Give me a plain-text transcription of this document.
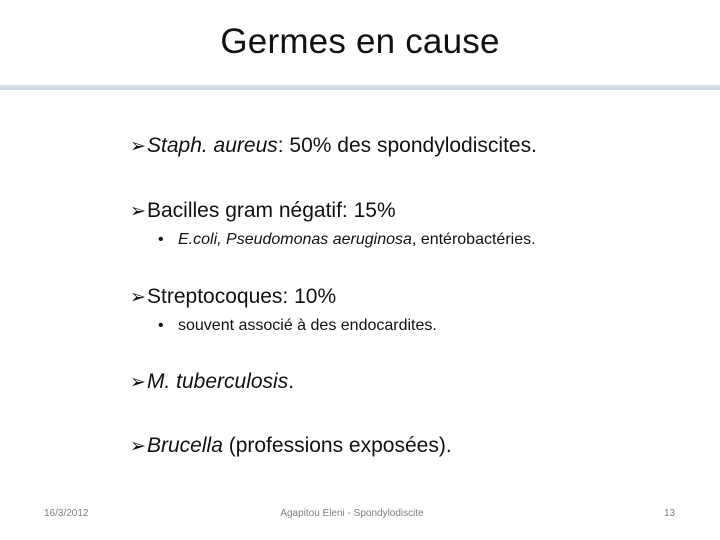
Germes en cause
➢Staph. aureus: 50% des spondylodiscites.
➢Bacilles gram négatif: 15%
• E.coli, Pseudomonas aeruginosa, entérobactéries.
➢Streptocoques: 10%
• souvent associé à des endocardites.
➢M. tuberculosis.
➢Brucella (professions exposées).
16/3/2012	Agapitou Eleni - Spondylodiscite	13
